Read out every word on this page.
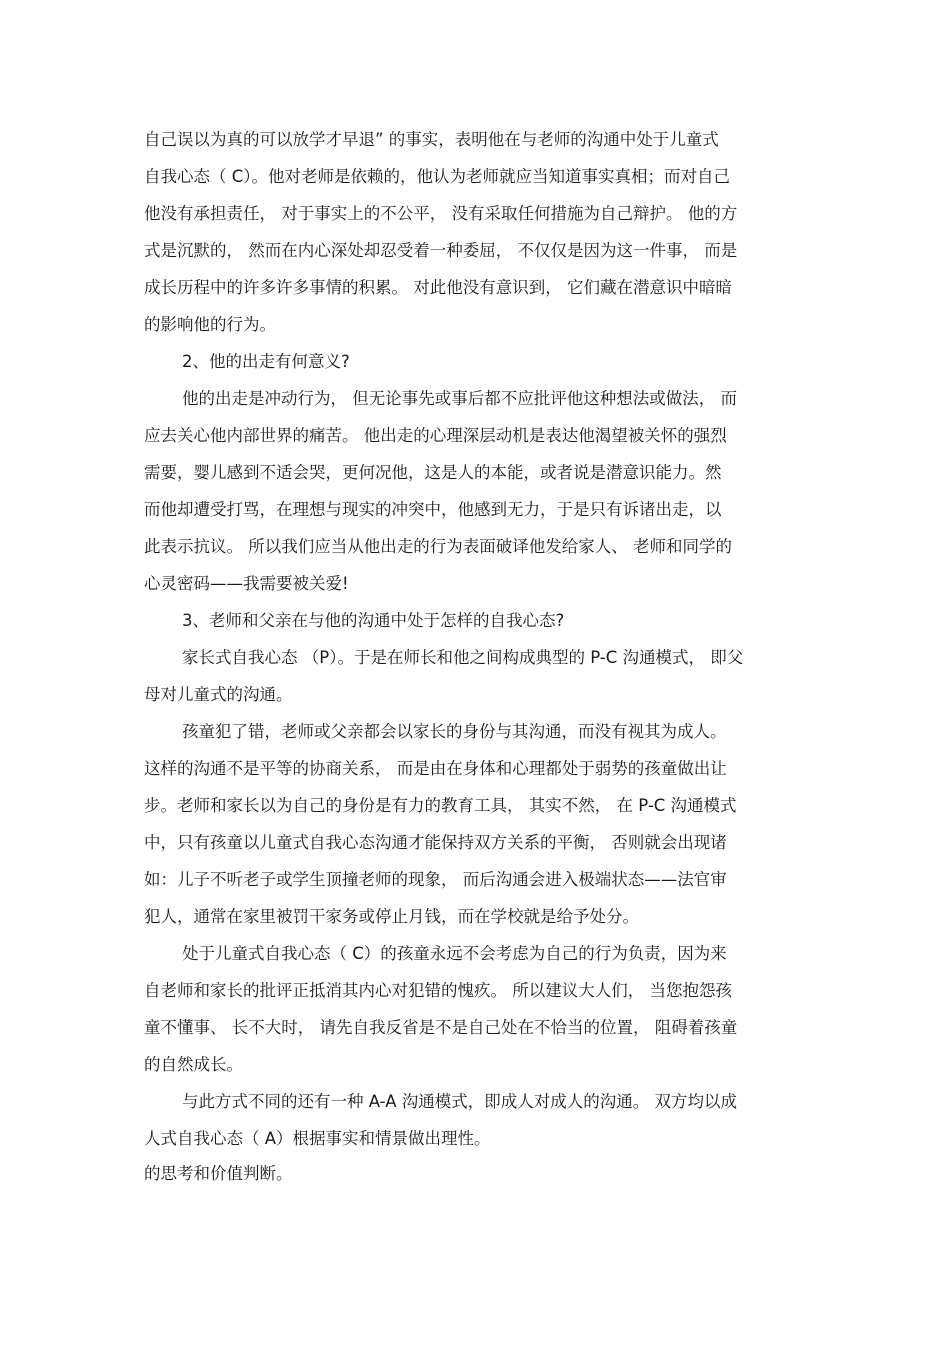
自己误以为真的可以放学才早退” 的事实，表明他在与老师的沟通中处于儿童式
自我心态（ C）。他对老师是依赖的，他认为老师就应当知道事实真相；而对自己
他没有承担责任， 对于事实上的不公平， 没有采取任何措施为自己辩护。 他的方
式是沉默的， 然而在内心深处却忍受着一种委屈， 不仅仅是因为这一件事， 而是
成长历程中的许多许多事情的积累。 对此他没有意识到， 它们藏在潜意识中暗暗
的影响他的行为。
2、他的出走有何意义?
他的出走是冲动行为， 但无论事先或事后都不应批评他这种想法或做法， 而
应去关心他内部世界的痛苦。 他出走的心理深层动机是表达他渴望被关怀的强烈
需要，婴儿感到不适会哭，更何况他，这是人的本能，或者说是潜意识能力。然
而他却遭受打骂，在理想与现实的冲突中，他感到无力，于是只有诉诸出走，以
此表示抗议。 所以我们应当从他出走的行为表面破译他发给家人、 老师和同学的
心灵密码——我需要被关爱!
3、老师和父亲在与他的沟通中处于怎样的自我心态?
家长式自我心态 （P）。于是在师长和他之间构成典型的 P-C 沟通模式， 即父
母对儿童式的沟通。
孩童犯了错，老师或父亲都会以家长的身份与其沟通，而没有视其为成人。
这样的沟通不是平等的协商关系， 而是由在身体和心理都处于弱势的孩童做出让
步。老师和家长以为自己的身份是有力的教育工具， 其实不然， 在 P-C 沟通模式
中，只有孩童以儿童式自我心态沟通才能保持双方关系的平衡， 否则就会出现诸
如：儿子不听老子或学生顶撞老师的现象， 而后沟通会进入极端状态——法官审
犯人，通常在家里被罚干家务或停止月钱，而在学校就是给予处分。
处于儿童式自我心态（ C）的孩童永远不会考虑为自己的行为负责，因为来
自老师和家长的批评正抵消其内心对犯错的愧疚。 所以建议大人们， 当您抱怨孩
童不懂事、 长不大时， 请先自我反省是不是自己处在不恰当的位置， 阻碍着孩童
的自然成长。
与此方式不同的还有一种 A-A 沟通模式，即成人对成人的沟通。 双方均以成
人式自我心态（ A）根据事实和情景做出理性。
的思考和价值判断。
